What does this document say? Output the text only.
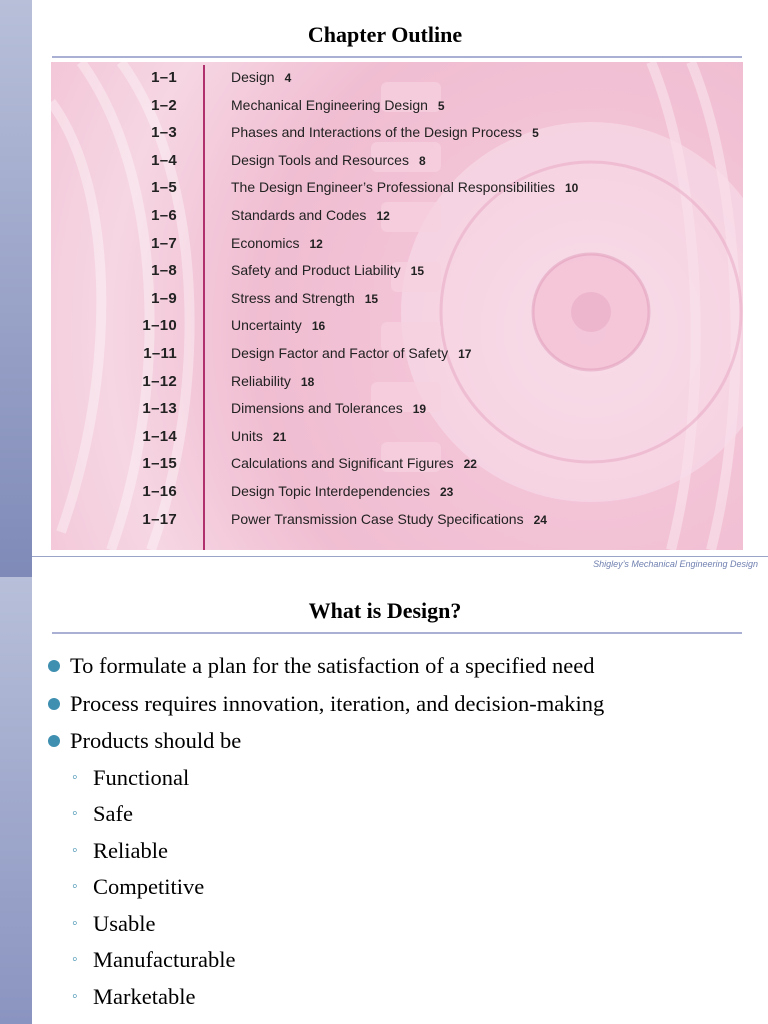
Chapter Outline
1–1	Design 4
1–2	Mechanical Engineering Design 5
1–3	Phases and Interactions of the Design Process 5
1–4	Design Tools and Resources 8
1–5	The Design Engineer’s Professional Responsibilities 10
1–6	Standards and Codes 12
1–7	Economics 12
1–8	Safety and Product Liability 15
1–9	Stress and Strength 15
1–10	Uncertainty 16
1–11	Design Factor and Factor of Safety 17
1–12	Reliability 18
1–13	Dimensions and Tolerances 19
1–14	Units 21
1–15	Calculations and Significant Figures 22
1–16	Design Topic Interdependencies 23
1–17	Power Transmission Case Study Specifications 24
Shigley’s Mechanical Engineering Design
What is Design?
To formulate a plan for the satisfaction of a specified need
Process requires innovation, iteration, and decision-making
Products should be
◦ Functional
◦ Safe
◦ Reliable
◦ Competitive
◦ Usable
◦ Manufacturable
◦ Marketable
